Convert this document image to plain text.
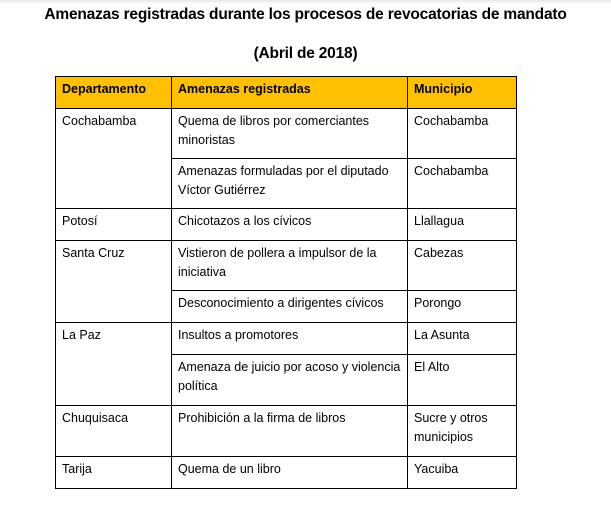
Amenazas registradas durante los procesos de revocatorias de mandato
(Abril de 2018)
Departamento	Amenazas registradas	Municipio
Cochabamba	Quema de libros por comerciantes minoristas	Cochabamba
	Amenazas formuladas por el diputado Víctor Gutiérrez	Cochabamba
Potosí	Chicotazos a los cívicos	Llallagua
Santa Cruz	Vistieron de pollera a impulsor de la iniciativa	Cabezas
	Desconocimiento a dirigentes cívicos	Porongo
La Paz	Insultos a promotores	La Asunta
	Amenaza de juicio por acoso y violencia política	El Alto
Chuquisaca	Prohibición a la firma de libros	Sucre y otros municipios
Tarija	Quema de un libro	Yacuiba
